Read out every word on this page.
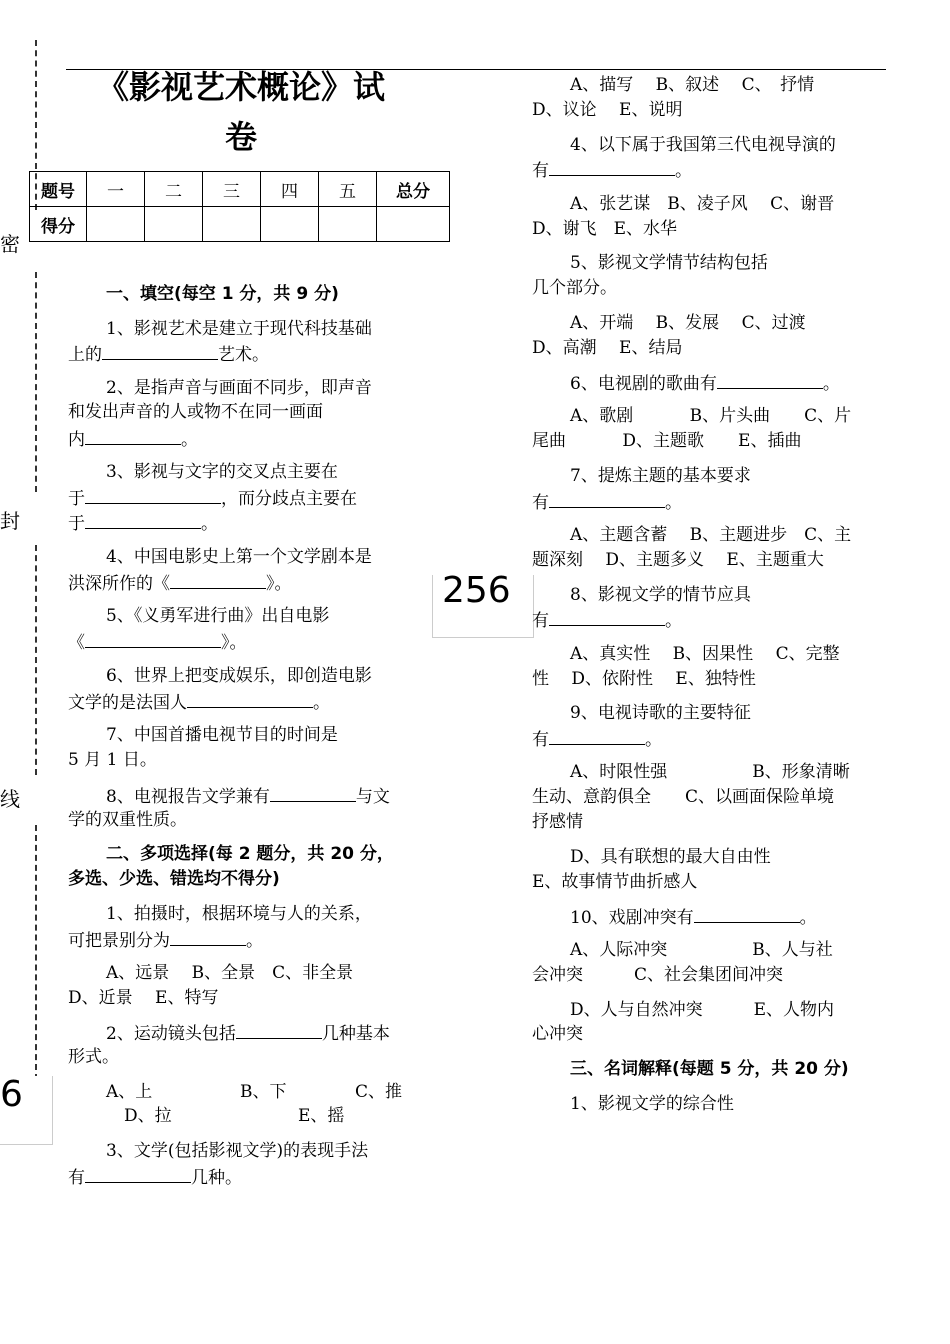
密
封
线
《影视艺术概论》试
卷
题号	一	二	三	四	五	总分
得分						
一、填空(每空 1 分，共 9 分)
1、影视艺术是建立于现代科技基础
上的	艺术。
2、是指声音与画面不同步，即声音
和发出声音的人或物不在同一画面
内	。
3、影视与文字的交叉点主要在
于	，而分歧点主要在
于	。
4、中国电影史上第一个文学剧本是
洪深所作的《	》。
5、《义勇军进行曲》出自电影
《	》。
6、世界上把变成娱乐，即创造电影
文学的是法国人	。
7、中国首播电视节目的时间是
5 月 1 日。
8、电视报告文学兼有	与文
学的双重性质。
二、多项选择(每 2 题分，共 20 分，
多选、少选、错选均不得分)
1、拍摄时，根据环境与人的关系，
可把景别分为	。
A、远景　 B、全景　C、非全景
D、近景　 E、特写
2、运动镜头包括	几种基本
形式。
A、上	B、下	C、推
D、拉	E、摇
3、文学(包括影视文学)的表现手法
有	几种。
6
256
A、描写　 B、叙述　 C、　抒情
D、议论　 E、说明
4、以下属于我国第三代电视导演的
有	。
A、张艺谋　B、凌子风　 C、谢晋
D、谢飞　E、水华
5、影视文学情节结构包括
几个部分。
A、开端　 B、发展　 C、过渡
D、高潮　 E、结局
6、电视剧的歌曲有	。
A、歌剧　　　 B、片头曲　　C、片
尾曲　　　 D、主题歌　　E、插曲
7、提炼主题的基本要求
有	。
A、主题含蓄　 B、主题进步　C、主
题深刻　 D、主题多义　 E、主题重大
8、影视文学的情节应具
有	。
A、真实性　 B、因果性　 C、完整
性　 D、依附性　 E、独特性
9、电视诗歌的主要特征
有	。
A、时限性强　　　　　B、形象清晰
生动、意韵俱全　　C、以画面保险单境
抒感情
D、具有联想的最大自由性
E、故事情节曲折感人
10、戏剧冲突有	。
A、人际冲突　　　　　B、人与社
会冲突　　　C、社会集团间冲突
D、人与自然冲突　　　E、人物内
心冲突
三、名词解释(每题 5 分，共 20 分)
1、影视文学的综合性
